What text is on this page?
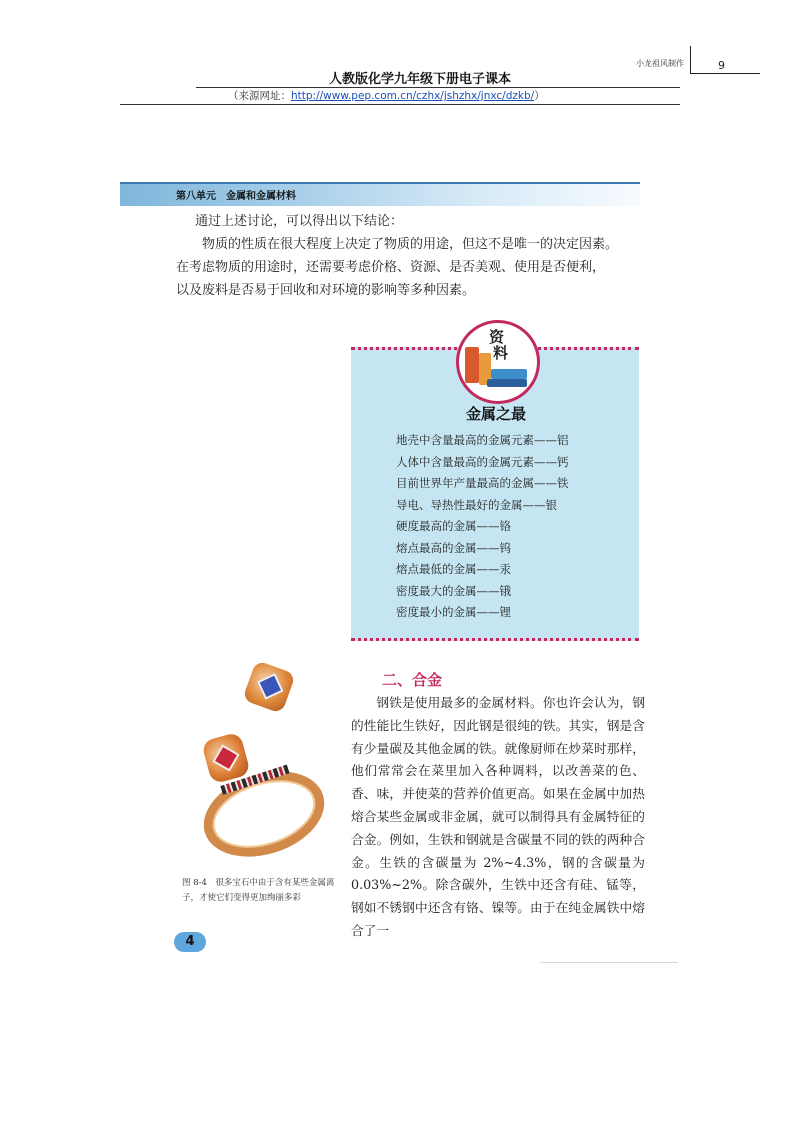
小龙祖风制作	9
人教版化学九年级下册电子课本
（来源网址：http://www.pep.com.cn/czhx/jshzhx/jnxc/dzkb/）
第八单元　金属和金属材料

通过上述讨论，可以得出以下结论：

　　物质的性质在很大程度上决定了物质的用途，但这不是唯一的决定因素。
在考虑物质的用途时，还需要考虑价格、资源、是否美观、使用是否便利，
以及废料是否易于回收和对环境的影响等多种因素。
资
料
金属之最
地壳中含量最高的金属元素——铝
人体中含量最高的金属元素——钙
目前世界年产量最高的金属——铁
导电、导热性最好的金属——银
硬度最高的金属——铬
熔点最高的金属——钨
熔点最低的金属——汞
密度最大的金属——锇
密度最小的金属——锂

图 8-4　很多宝石中由于含有某些金属离子，才使它们变得更加绚丽多彩

二、合金

钢铁是使用最多的金属材料。你也许会认为，钢的性能比生铁好，因此钢是很纯的铁。其实，钢是含有少量碳及其他金属的铁。就像厨师在炒菜时那样，他们常常会在菜里加入各种调料，以改善菜的色、香、味，并使菜的营养价值更高。如果在金属中加热熔合某些金属或非金属，就可以制得具有金属特征的合金。例如，生铁和钢就是含碳量不同的铁的两种合金。生铁的含碳量为 2%~4.3%，钢的含碳量为 0.03%~2%。除含碳外，生铁中还含有硅、锰等，钢如不锈钢中还含有铬、镍等。由于在纯金属铁中熔合了一

4
